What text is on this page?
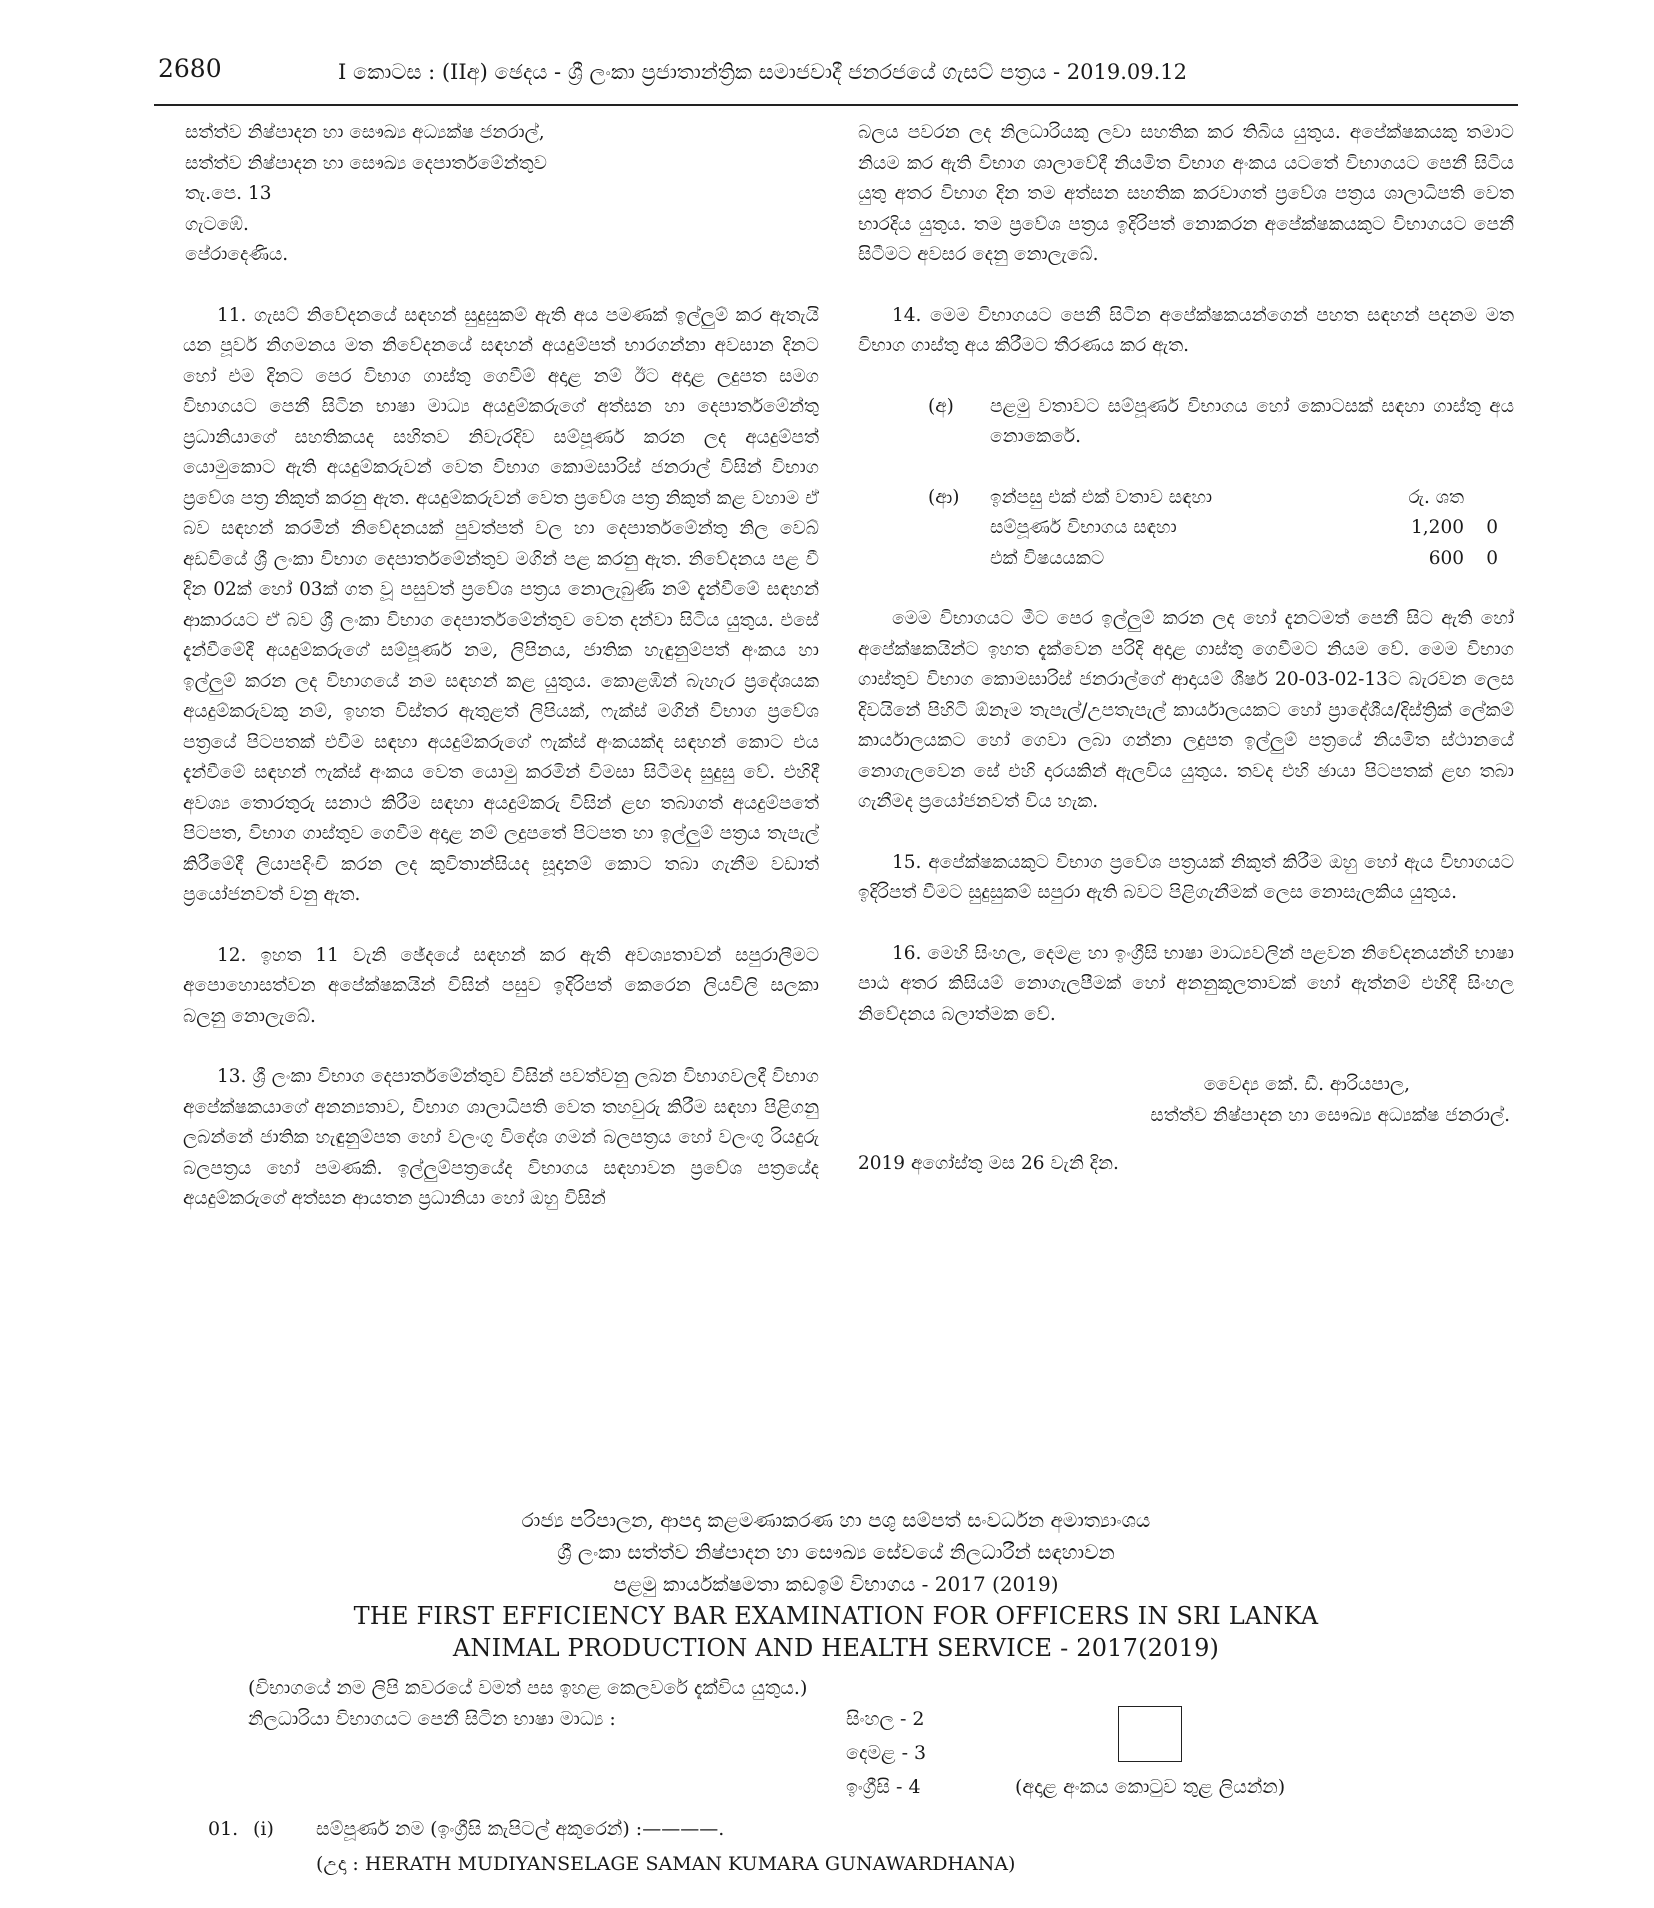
2680	I කොටස : (IIඅ) ඡෙදය - ශ්‍රී ලංකා ප්‍රජාතාන්ත්‍රික සමාජවාදී ජනරජයේ ගැසට් පත්‍රය - 2019.09.12
සත්ත්ව නිෂ්පාදන හා සෞඛ්‍ය අධ්‍යක්ෂ ජනරාල්,
සත්ත්ව නිෂ්පාදන හා සෞඛ්‍ය දෙපාර්තමේන්තුව
තැ.පෙ. 13
ගැටඹේ.
පේරාදෙණිය.

11. ගැසට් නිවේදනයේ සඳහන් සුදුසුකම් ඇති අය පමණක් ඉල්ලුම් කර ඇතැයි යන පූර්ව නිගමනය මත නිවේදනයේ සඳහන් අයදුම්පත් භාරගන්නා අවසාන දිනට හෝ එම දිනට පෙර විභාග ගාස්තු ගෙවීම් අදාළ නම් ඊට අදාළ ලදුපත සමග විභාගයට පෙනී සිටින භාෂා මාධ්‍ය අයදුම්කරුගේ අත්සන හා දෙපාර්තමේන්තු ප්‍රධානියාගේ සහතිකයද සහිතව නිවැරදිව සම්පූර්ණ කරන ලද අයදුම්පත් යොමුකොට ඇති අයදුම්කරුවන් වෙත විභාග කොමසාරිස් ජනරාල් විසින් විභාග ප්‍රවේශ පත්‍ර නිකුත් කරනු ඇත. අයදුම්කරුවන් වෙත ප්‍රවේශ පත්‍ර නිකුත් කළ වහාම ඒ බව සඳහන් කරමින් නිවේදනයක් පුවත්පත් වල හා දෙපාර්තමේන්තු නිල වෙබ් අඩවියේ ශ්‍රී ලංකා විභාග දෙපාර්තමේන්තුව මගින් පළ කරනු ඇත. නිවේදනය පළ වී දින 02ක් හෝ 03ක් ගත වූ පසුවත් ප්‍රවේශ පත්‍රය නොලැබුණි නම් දැන්වීමේ සඳහන් ආකාරයට ඒ බව ශ්‍රී ලංකා විභාග දෙපාර්තමේන්තුව වෙත දන්වා සිටිය යුතුය. එසේ දැන්වීමේදී අයදුම්කරුගේ සම්පූර්ණ නම, ලිපිනය, ජාතික හැඳුනුම්පත් අංකය හා ඉල්ලුම් කරන ලද විභාගයේ නම සඳහන් කළ යුතුය. කොළඹින් බැහැර ප්‍රදේශයක අයදුම්කරුවකු නම්, ඉහත විස්තර ඇතුළත් ලිපියක්, ෆැක්ස් මගින් විභාග ප්‍රවේශ පත්‍රයේ පිටපතක් එවීම සඳහා අයදුම්කරුගේ ෆැක්ස් අංකයක්ද සඳහන් කොට එය දැන්වීමේ සඳහන් ෆැක්ස් අංකය වෙත යොමු කරමින් විමසා සිටීමද සුදුසු වේ. එහිදී අවශ්‍ය තොරතුරු සනාථ කිරීම සඳහා අයදුම්කරු විසින් ළඟ තබාගත් අයදුම්පතේ පිටපත, විභාග ගාස්තුව ගෙවීම අදාළ නම් ලදුපතේ පිටපත හා ඉල්ලුම් පත්‍රය තැපැල් කිරීමේදී ලියාපදිංචි කරන ලද කුවිතාන්සියද සූදානම් කොට තබා ගැනීම වඩාත් ප්‍රයෝජනවත් වනු ඇත.

12. ඉහත 11 වැනි ඡේදයේ සඳහන් කර ඇති අවශ්‍යතාවන් සපුරාලීමට අපොහොසත්වන අපේක්ෂකයින් විසින් පසුව ඉදිරිපත් කෙරෙන ලියවිලි සලකා බලනු නොලැබේ.

13. ශ්‍රී ලංකා විභාග දෙපාර්තමේන්තුව විසින් පවත්වනු ලබන විභාගවලදී විභාග අපේක්ෂකයාගේ අනන්‍යතාව, විභාග ශාලාධිපති වෙත තහවුරු කිරීම සඳහා පිළිගනු ලබන්නේ ජාතික හැඳුනුම්පත හෝ වලංගු විදේශ ගමන් බලපත්‍රය හෝ වලංගු රියදුරු බලපත්‍රය හෝ පමණකි. ඉල්ලුම්පත්‍රයේද විභාගය සඳහාවන ප්‍රවේශ පත්‍රයේද අයදුම්කරුගේ අත්සන ආයතන ප්‍රධානියා හෝ ඔහු විසින්

බලය පවරන ලද නිලධාරියකු ලවා සහතික කර තිබිය යුතුය. අපේක්ෂකයකු තමාට නියම කර ඇති විභාග ශාලාවේදී නියමිත විභාග අංකය යටතේ විභාගයට පෙනී සිටිය යුතු අතර විභාග දින තම අත්සන සහතික කරවාගත් ප්‍රවේශ පත්‍රය ශාලාධිපති වෙත භාරදිය යුතුය. තම ප්‍රවේශ පත්‍රය ඉදිරිපත් නොකරන අපේක්ෂකයකුට විභාගයට පෙනී සිටීමට අවසර දෙනු නොලැබේ.

14. මෙම විභාගයට පෙනී සිටින අපේක්ෂකයන්ගෙන් පහත සඳහන් පදනම මත විභාග ගාස්තු අය කිරීමට තීරණය කර ඇත.

(අ)	පළමු වතාවට සම්පූර්ණ විභාගය හෝ කොටසක් සඳහා ගාස්තු අය නොකෙරේ.

(ආ)	ඉන්පසු එක් එක් වතාව සඳහා	රු. ශත
සම්පූර්ණ විභාගය සඳහා	1,200	0
එක් විෂයයකට	600	0

මෙම විභාගයට මීට පෙර ඉල්ලුම් කරන ලද හෝ දැනටමත් පෙනී සිට ඇති හෝ අපේක්ෂකයින්ට ඉහත දැක්වෙන පරිදි අදාළ ගාස්තු ගෙවීමට නියම වේ. මෙම විභාග ගාස්තුව විභාග කොමසාරිස් ජනරාල්ගේ ආදායම් ශීර්ෂ 20-03-02-13ට බැරවන ලෙස දිවයිනේ පිහිටි ඕනෑම තැපැල්/උපතැපැල් කාර්යාලයකට හෝ ප්‍රාදේශීය/දිස්ත්‍රික් ලේකම් කාර්යාලයකට හෝ ගෙවා ලබා ගන්නා ලදුපත ඉල්ලුම් පත්‍රයේ නියමිත ස්ථානයේ නොගැලවෙන සේ එහි දාරයකින් ඇලවිය යුතුය. තවද එහි ඡායා පිටපතක් ළඟ තබා ගැනීමද ප්‍රයෝජනවත් විය හැක.

15. අපේක්ෂකයකුට විභාග ප්‍රවේශ පත්‍රයක් නිකුත් කිරීම ඔහු හෝ ඇය විභාගයට ඉදිරිපත් වීමට සුදුසුකම් සපුරා ඇති බවට පිළිගැනීමක් ලෙස නොසැලකිය යුතුය.

16. මෙහි සිංහල, දෙමළ හා ඉංග්‍රීසි භාෂා මාධ්‍යවලින් පළවන නිවේදනයන්හි භාෂා පාඨ අතර කිසියම් නොගැලපීමක් හෝ අනනුකූලතාවක් හෝ ඇත්නම් එහිදී සිංහල නිවේදනය බලාත්මක වේ.

වෛද්‍ය කේ. ඩී. ආරියපාල,
සත්ත්ව නිෂ්පාදන හා සෞඛ්‍ය අධ්‍යක්ෂ ජනරාල්.

2019 අගෝස්තු මස 26 වැනි දින.

රාජ්‍ය පරිපාලන, ආපදා කළමණාකරණ හා පශු සම්පත් සංවර්ධන අමාත්‍යාංශය
ශ්‍රී ලංකා සත්ත්ව නිෂ්පාදන හා සෞඛ්‍ය සේවයේ නිලධාරීන් සඳහාවන
පළමු කාර්යක්ෂමතා කඩඉම් විභාගය - 2017 (2019)
THE FIRST EFFICIENCY BAR EXAMINATION FOR OFFICERS IN SRI LANKA
ANIMAL PRODUCTION AND HEALTH SERVICE - 2017(2019)
(විභාගයේ නම ලිපි කවරයේ වමත් පස ඉහළ කෙලවරේ දැක්විය යුතුය.)
නිලධාරියා විභාගයට පෙනී සිටින භාෂා මාධ්‍ය :	සිංහල - 2
දෙමළ - 3
ඉංග්‍රීසි - 4	(අදාළ අංකය කොටුව තුළ ලියන්න)
01. (i) සම්පූර්ණ නම (ඉංග්‍රීසි කැපිටල් අකුරෙන්) :————.
(උදා : HERATH MUDIYANSELAGE SAMAN KUMARA GUNAWARDHANA)
